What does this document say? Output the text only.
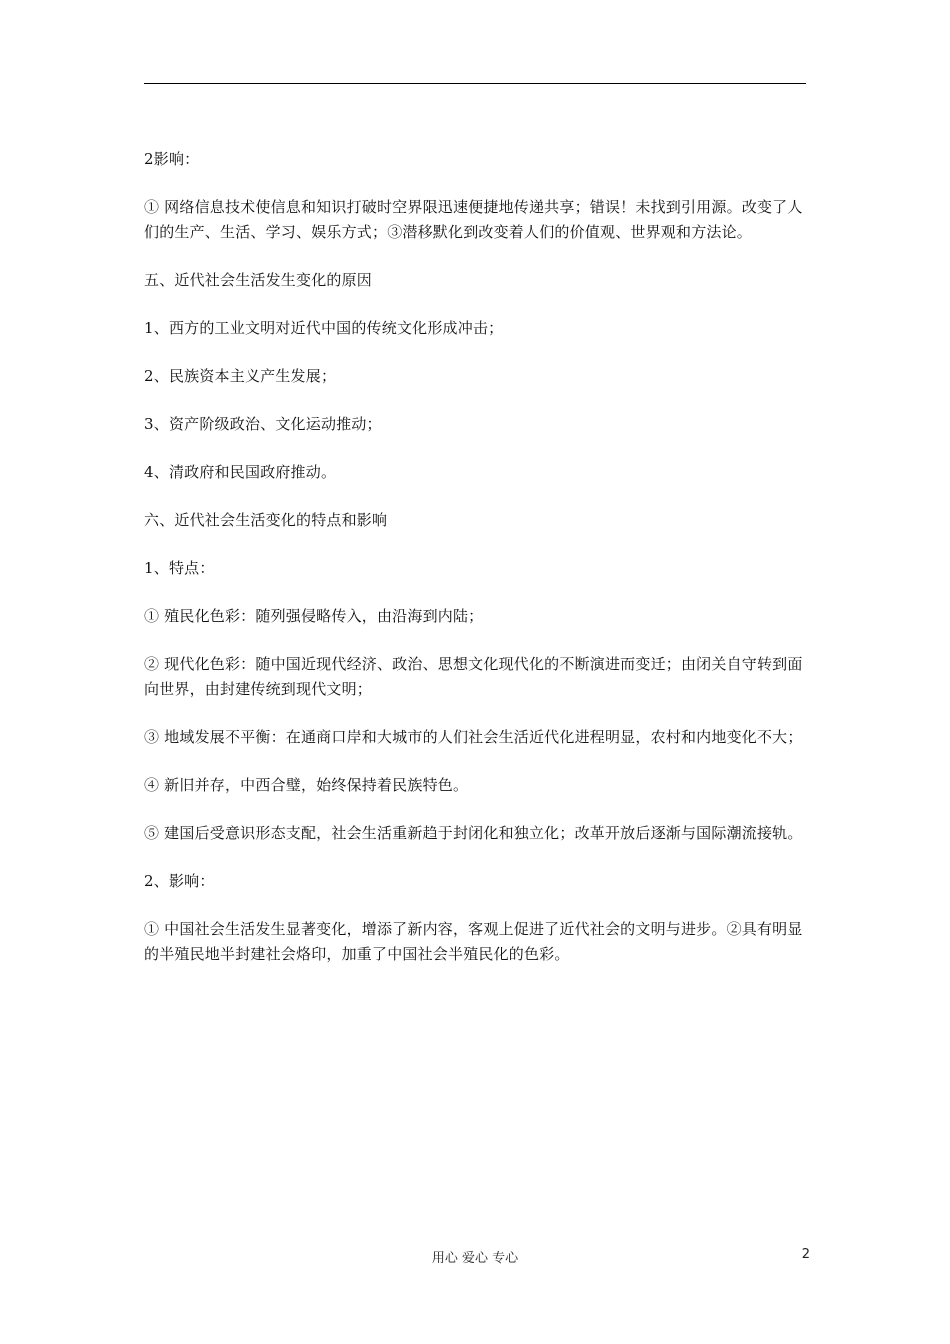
2影响：

① 网络信息技术使信息和知识打破时空界限迅速便捷地传递共享；错误！未找到引用源。改变了人们的生产、生活、学习、娱乐方式；③潜移默化到改变着人们的价值观、世界观和方法论。

五、近代社会生活发生变化的原因

1、西方的工业文明对近代中国的传统文化形成冲击；

2、民族资本主义产生发展；

3、资产阶级政治、文化运动推动；

4、清政府和民国政府推动。

六、近代社会生活变化的特点和影响

1、特点：

① 殖民化色彩：随列强侵略传入，由沿海到内陆；

② 现代化色彩：随中国近现代经济、政治、思想文化现代化的不断演进而变迁；由闭关自守转到面向世界，由封建传统到现代文明；

③ 地域发展不平衡：在通商口岸和大城市的人们社会生活近代化进程明显，农村和内地变化不大；

④ 新旧并存，中西合璧，始终保持着民族特色。

⑤ 建国后受意识形态支配，社会生活重新趋于封闭化和独立化；改革开放后逐渐与国际潮流接轨。

2、影响：

① 中国社会生活发生显著变化，增添了新内容，客观上促进了近代社会的文明与进步。②具有明显的半殖民地半封建社会烙印，加重了中国社会半殖民化的色彩。

用心 爱心 专心	2
